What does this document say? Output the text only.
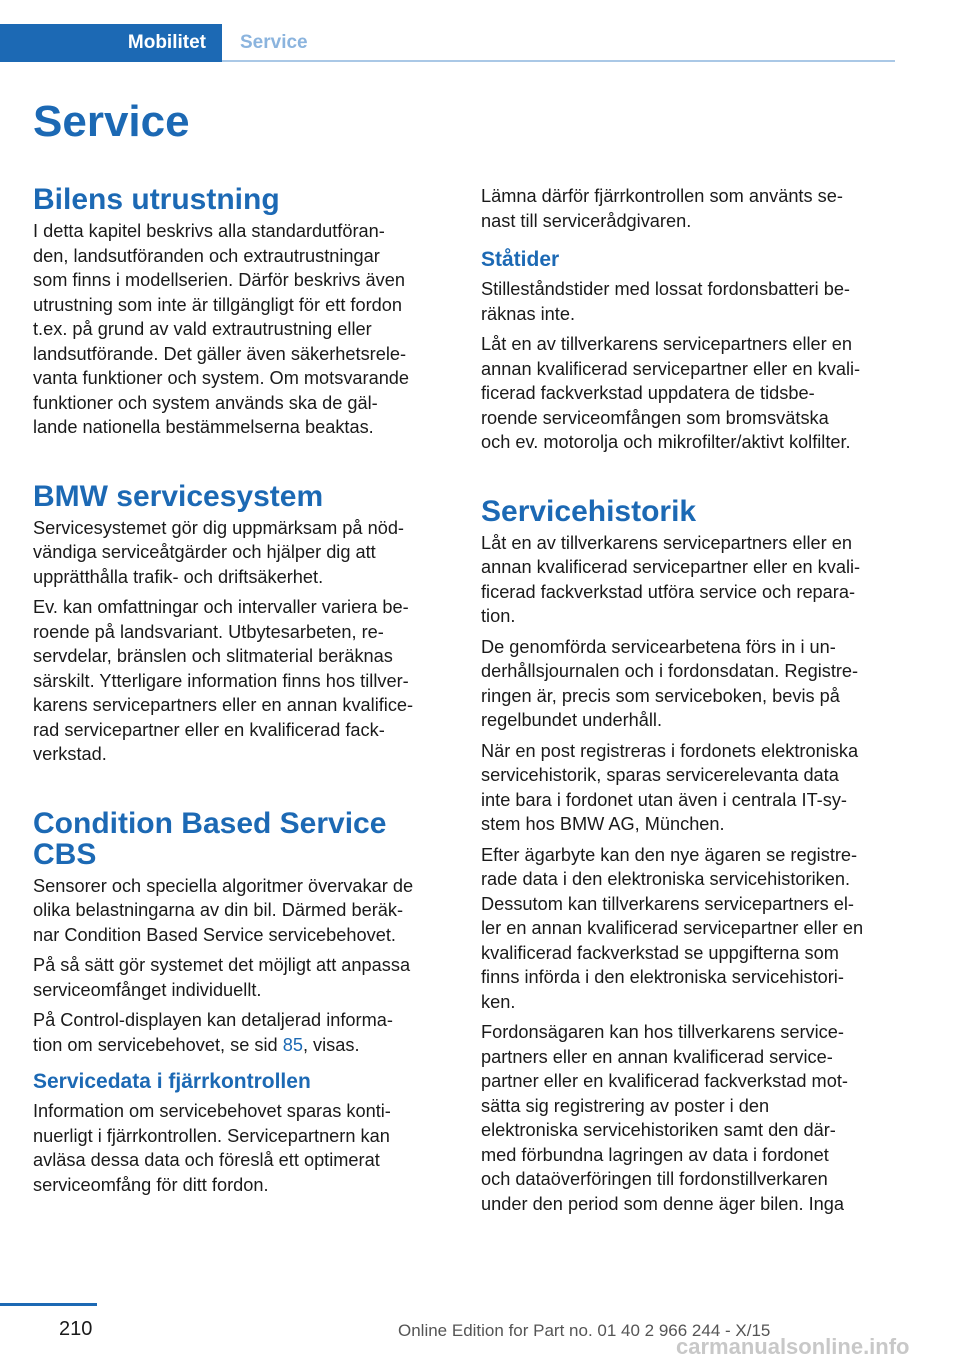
Mobilitet Service
Service
Bilens utrustning
I detta kapitel beskrivs alla standardutföran-
den, landsutföranden och extrautrustningar
som finns i modellserien. Därför beskrivs även
utrustning som inte är tillgängligt för ett fordon
t.ex. på grund av vald extrautrustning eller
landsutförande. Det gäller även säkerhetsrele-
vanta funktioner och system. Om motsvarande
funktioner och system används ska de gäl-
lande nationella bestämmelserna beaktas.
BMW servicesystem
Servicesystemet gör dig uppmärksam på nöd-
vändiga serviceåtgärder och hjälper dig att
upprätthålla trafik- och driftsäkerhet.
Ev. kan omfattningar och intervaller variera be-
roende på landsvariant. Utbytesarbeten, re-
servdelar, bränslen och slitmaterial beräknas
särskilt. Ytterligare information finns hos tillver-
karens servicepartners eller en annan kvalifice-
rad servicepartner eller en kvalificerad fack-
verkstad.
Condition Based Service
CBS
Sensorer och speciella algoritmer övervakar de
olika belastningarna av din bil. Därmed beräk-
nar Condition Based Service servicebehovet.
På så sätt gör systemet det möjligt att anpassa
serviceomfånget individuellt.
På Control-displayen kan detaljerad informa-
tion om servicebehovet, se sid 85, visas.
Servicedata i fjärrkontrollen
Information om servicebehovet sparas konti-
nuerligt i fjärrkontrollen. Servicepartnern kan
avläsa dessa data och föreslå ett optimerat
serviceomfång för ditt fordon.
Lämna därför fjärrkontrollen som använts se-
nast till servicerådgivaren.
Ståtider
Stilleståndstider med lossat fordonsbatteri be-
räknas inte.
Låt en av tillverkarens servicepartners eller en
annan kvalificerad servicepartner eller en kvali-
ficerad fackverkstad uppdatera de tidsbe-
roende serviceomfången som bromsvätska
och ev. motorolja och mikrofilter/aktivt kolfilter.
Servicehistorik
Låt en av tillverkarens servicepartners eller en
annan kvalificerad servicepartner eller en kvali-
ficerad fackverkstad utföra service och repara-
tion.
De genomförda servicearbetena förs in i un-
derhållsjournalen och i fordonsdatan. Registre-
ringen är, precis som serviceboken, bevis på
regelbundet underhåll.
När en post registreras i fordonets elektroniska
servicehistorik, sparas servicerelevanta data
inte bara i fordonet utan även i centrala IT-sy-
stem hos BMW AG, München.
Efter ägarbyte kan den nye ägaren se registre-
rade data i den elektroniska servicehistoriken.
Dessutom kan tillverkarens servicepartners el-
ler en annan kvalificerad servicepartner eller en
kvalificerad fackverkstad se uppgifterna som
finns införda i den elektroniska servicehistori-
ken.
Fordonsägaren kan hos tillverkarens service-
partners eller en annan kvalificerad service-
partner eller en kvalificerad fackverkstad mot-
sätta sig registrering av poster i den
elektroniska servicehistoriken samt den där-
med förbundna lagringen av data i fordonet
och dataöverföringen till fordonstillverkaren
under den period som denne äger bilen. Inga
210	Online Edition for Part no. 01 40 2 966 244 - X/15
carmanualsonline.info
